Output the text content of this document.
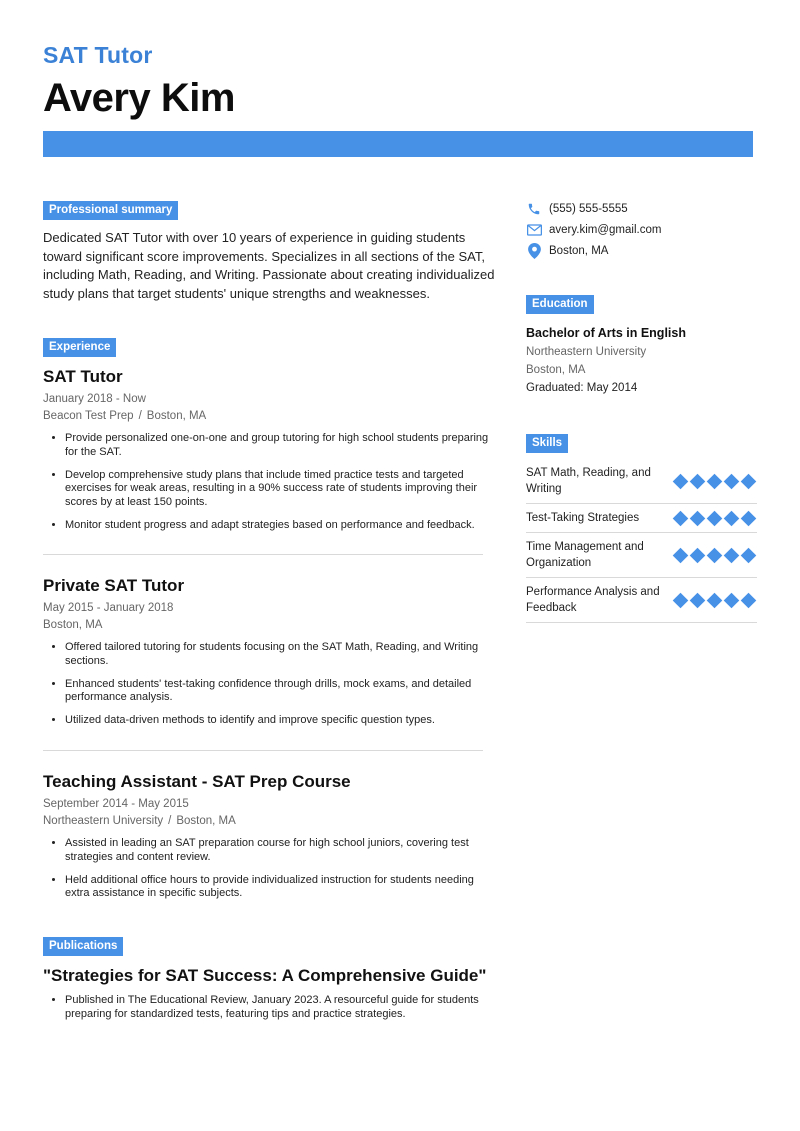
SAT Tutor
Avery Kim
Professional summary
Dedicated SAT Tutor with over 10 years of experience in guiding students toward significant score improvements. Specializes in all sections of the SAT, including Math, Reading, and Writing. Passionate about creating individualized study plans that target students' unique strengths and weaknesses.
Experience
SAT Tutor
January 2018 - Now
Beacon Test Prep / Boston, MA
• Provide personalized one-on-one and group tutoring for high school students preparing for the SAT.
• Develop comprehensive study plans that include timed practice tests and targeted exercises for weak areas, resulting in a 90% success rate of students improving their scores by at least 150 points.
• Monitor student progress and adapt strategies based on performance and feedback.
Private SAT Tutor
May 2015 - January 2018
Boston, MA
• Offered tailored tutoring for students focusing on the SAT Math, Reading, and Writing sections.
• Enhanced students' test-taking confidence through drills, mock exams, and detailed performance analysis.
• Utilized data-driven methods to identify and improve specific question types.
Teaching Assistant - SAT Prep Course
September 2014 - May 2015
Northeastern University / Boston, MA
• Assisted in leading an SAT preparation course for high school juniors, covering test strategies and content review.
• Held additional office hours to provide individualized instruction for students needing extra assistance in specific subjects.
Publications
"Strategies for SAT Success: A Comprehensive Guide"
• Published in The Educational Review, January 2023. A resourceful guide for students preparing for standardized tests, featuring tips and practice strategies.
(555) 555-5555
avery.kim@gmail.com
Boston, MA
Education
Bachelor of Arts in English
Northeastern University
Boston, MA
Graduated: May 2014
Skills
SAT Math, Reading, and Writing
Test-Taking Strategies
Time Management and Organization
Performance Analysis and Feedback
